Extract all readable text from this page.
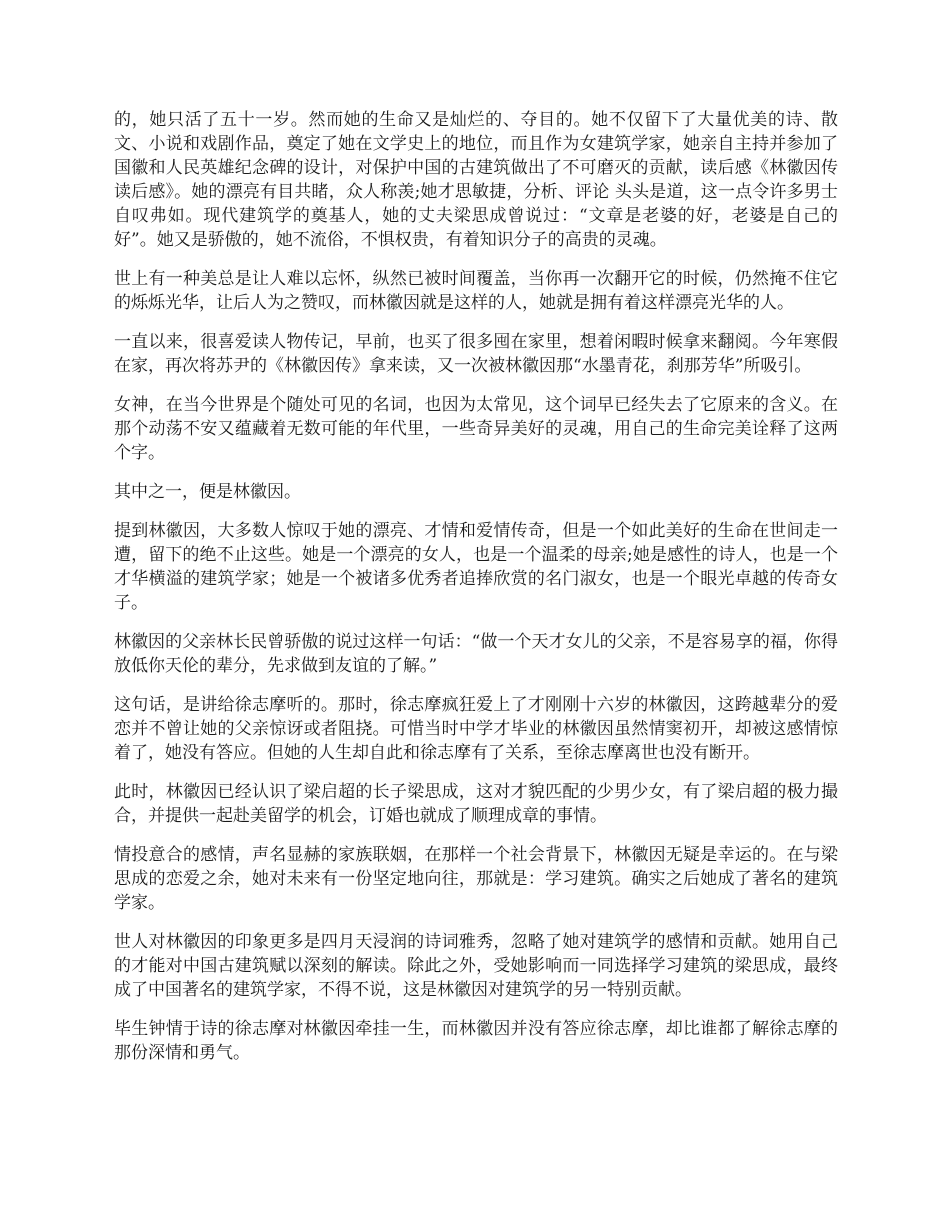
的，她只活了五十一岁。然而她的生命又是灿烂的、夺目的。她不仅留下了大量优美的诗、散文、小说和戏剧作品，奠定了她在文学史上的地位，而且作为女建筑学家，她亲自主持并参加了国徽和人民英雄纪念碑的设计，对保护中国的古建筑做出了不可磨灭的贡献，读后感《林徽因传读后感》。她的漂亮有目共睹，众人称羡;她才思敏捷，分析、评论 头头是道，这一点令许多男士自叹弗如。现代建筑学的奠基人，她的丈夫梁思成曾说过：“文章是老婆的好，老婆是自己的好”。她又是骄傲的，她不流俗，不惧权贵，有着知识分子的高贵的灵魂。

世上有一种美总是让人难以忘怀，纵然已被时间覆盖，当你再一次翻开它的时候，仍然掩不住它的烁烁光华，让后人为之赞叹，而林徽因就是这样的人，她就是拥有着这样漂亮光华的人。

一直以来，很喜爱读人物传记，早前，也买了很多囤在家里，想着闲暇时候拿来翻阅。今年寒假在家，再次将苏尹的《林徽因传》拿来读，又一次被林徽因那“水墨青花，刹那芳华”所吸引。

女神，在当今世界是个随处可见的名词，也因为太常见，这个词早已经失去了它原来的含义。在那个动荡不安又蕴藏着无数可能的年代里，一些奇异美好的灵魂，用自己的生命完美诠释了这两个字。

其中之一，便是林徽因。

提到林徽因，大多数人惊叹于她的漂亮、才情和爱情传奇，但是一个如此美好的生命在世间走一遭，留下的绝不止这些。她是一个漂亮的女人，也是一个温柔的母亲;她是感性的诗人，也是一个才华横溢的建筑学家；她是一个被诸多优秀者追捧欣赏的名门淑女，也是一个眼光卓越的传奇女子。

林徽因的父亲林长民曾骄傲的说过这样一句话：“做一个天才女儿的父亲，不是容易享的福，你得放低你天伦的辈分，先求做到友谊的了解。”

这句话，是讲给徐志摩听的。那时，徐志摩疯狂爱上了才刚刚十六岁的林徽因，这跨越辈分的爱恋并不曾让她的父亲惊讶或者阻挠。可惜当时中学才毕业的林徽因虽然情窦初开，却被这感情惊着了，她没有答应。但她的人生却自此和徐志摩有了关系，至徐志摩离世也没有断开。

此时，林徽因已经认识了梁启超的长子梁思成，这对才貌匹配的少男少女，有了梁启超的极力撮合，并提供一起赴美留学的机会，订婚也就成了顺理成章的事情。

情投意合的感情，声名显赫的家族联姻，在那样一个社会背景下，林徽因无疑是幸运的。在与梁思成的恋爱之余，她对未来有一份坚定地向往，那就是：学习建筑。确实之后她成了著名的建筑学家。

世人对林徽因的印象更多是四月天浸润的诗词雅秀，忽略了她对建筑学的感情和贡献。她用自己的才能对中国古建筑赋以深刻的解读。除此之外，受她影响而一同选择学习建筑的梁思成，最终成了中国著名的建筑学家，不得不说，这是林徽因对建筑学的另一特别贡献。

毕生钟情于诗的徐志摩对林徽因牵挂一生，而林徽因并没有答应徐志摩，却比谁都了解徐志摩的那份深情和勇气。
